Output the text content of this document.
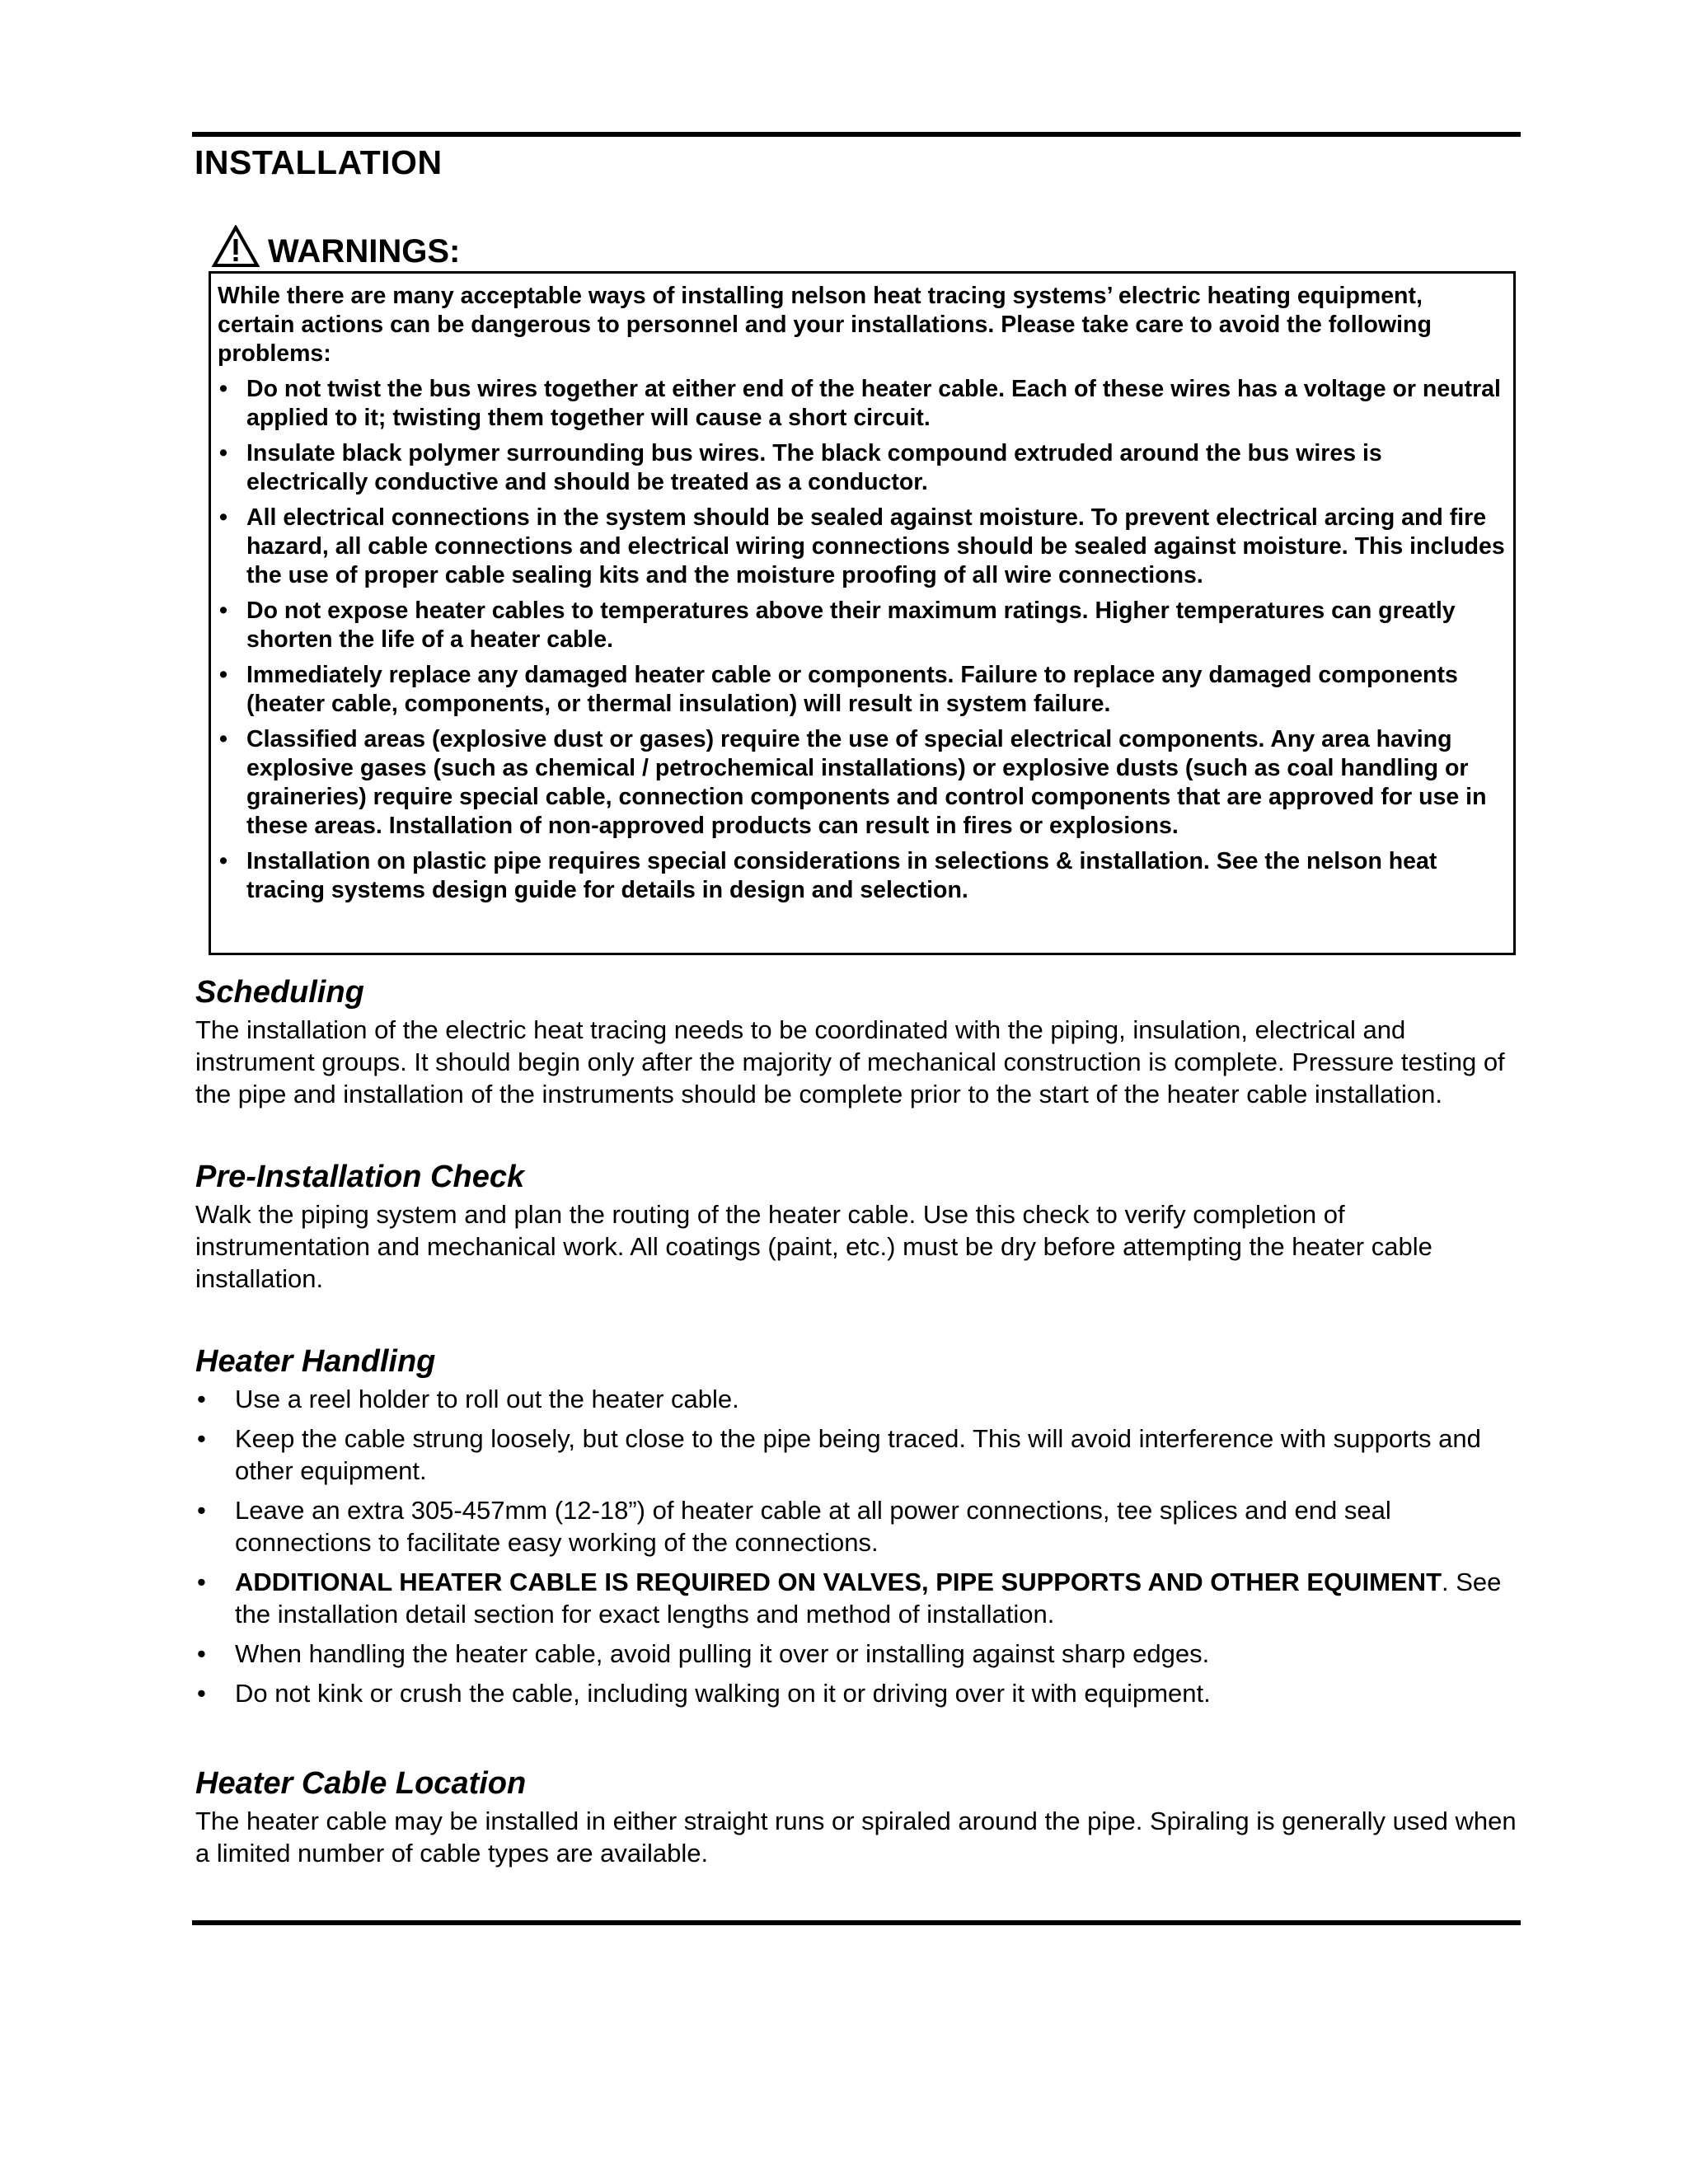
INSTALLATION
WARNINGS:

While there are many acceptable ways of installing nelson heat tracing systems’ electric heating equipment, certain actions can be dangerous to personnel and your installations. Please take care to avoid the following problems:

• Do not twist the bus wires together at either end of the heater cable. Each of these wires has a voltage or neutral applied to it; twisting them together will cause a short circuit.
• Insulate black polymer surrounding bus wires. The black compound extruded around the bus wires is electrically conductive and should be treated as a conductor.
• All electrical connections in the system should be sealed against moisture. To prevent electrical arcing and fire hazard, all cable connections and electrical wiring connections should be sealed against moisture. This includes the use of proper cable sealing kits and the moisture proofing of all wire connections.
• Do not expose heater cables to temperatures above their maximum ratings. Higher temperatures can greatly shorten the life of a heater cable.
• Immediately replace any damaged heater cable or components. Failure to replace any damaged components (heater cable, components, or thermal insulation) will result in system failure.
• Classified areas (explosive dust or gases) require the use of special electrical components. Any area having explosive gases (such as chemical / petrochemical installations) or explosive dusts (such as coal handling or graineries) require special cable, connection components and control components that are approved for use in these areas. Installation of non-approved products can result in fires or explosions.
• Installation on plastic pipe requires special considerations in selections & installation. See the nelson heat tracing systems design guide for details in design and selection.
Scheduling
The installation of the electric heat tracing needs to be coordinated with the piping, insulation, electrical and instrument groups. It should begin only after the majority of mechanical construction is complete. Pressure testing of the pipe and installation of the instruments should be complete prior to the start of the heater cable installation.
Pre-Installation Check
Walk the piping system and plan the routing of the heater cable. Use this check to verify completion of instrumentation and mechanical work. All coatings (paint, etc.) must be dry before attempting the heater cable installation.
Heater Handling
• Use a reel holder to roll out the heater cable.
• Keep the cable strung loosely, but close to the pipe being traced. This will avoid interference with supports and other equipment.
• Leave an extra 305-457mm (12-18”) of heater cable at all power connections, tee splices and end seal connections to facilitate easy working of the connections.
• ADDITIONAL HEATER CABLE IS REQUIRED ON VALVES, PIPE SUPPORTS AND OTHER EQUIMENT. See the installation detail section for exact lengths and method of installation.
• When handling the heater cable, avoid pulling it over or installing against sharp edges.
• Do not kink or crush the cable, including walking on it or driving over it with equipment.
Heater Cable Location
The heater cable may be installed in either straight runs or spiraled around the pipe. Spiraling is generally used when a limited number of cable types are available.
